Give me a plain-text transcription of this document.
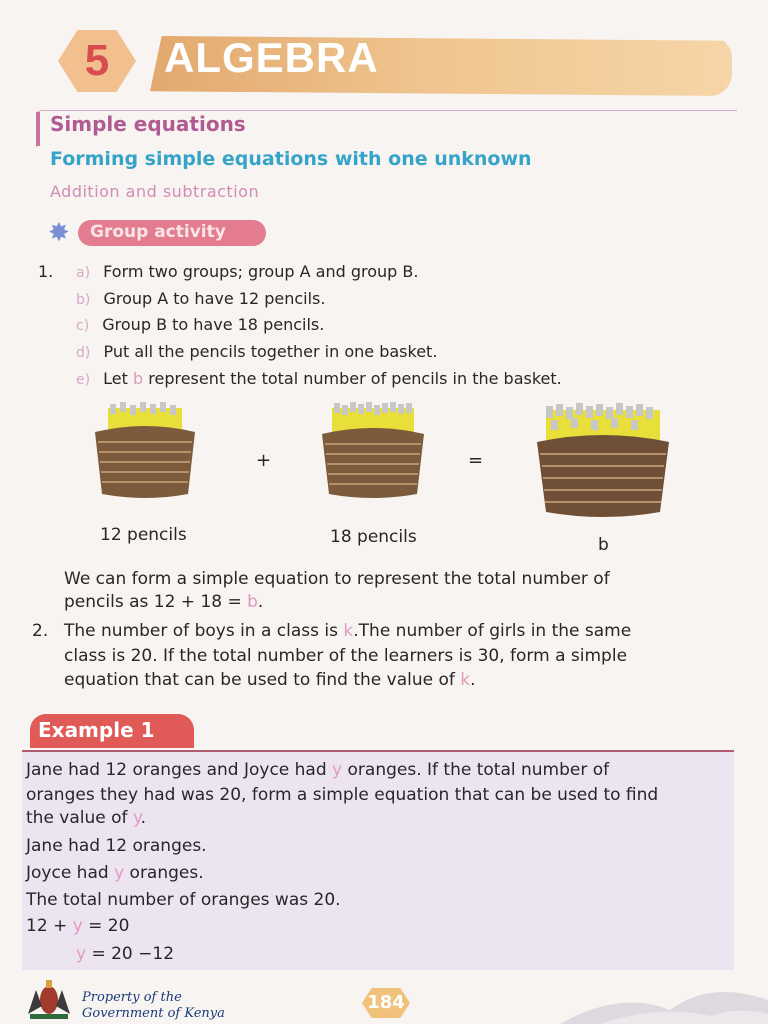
5	ALGEBRA
Simple equations
Forming simple equations with one unknown
Addition and subtraction
✸ Group activity
1. a) Form two groups; group A and group B.
b) Group A to have 12 pencils.
c) Group B to have 18 pencils.
d) Put all the pencils together in one basket.
e) Let b represent the total number of pencils in the basket.
+	=
12 pencils	18 pencils	b
We can form a simple equation to represent the total number of
pencils as 12 + 18 = b.
2. The number of boys in a class is k.The number of girls in the same
class is 20. If the total number of the learners is 30, form a simple
equation that can be used to find the value of k.
Example 1
Jane had 12 oranges and Joyce had y oranges. If the total number of
oranges they had was 20, form a simple equation that can be used to find
the value of y.
Jane had 12 oranges.
Joyce had y oranges.
The total number of oranges was 20.
12 + y = 20
y = 20 −12
Property of the
Government of Kenya
184
